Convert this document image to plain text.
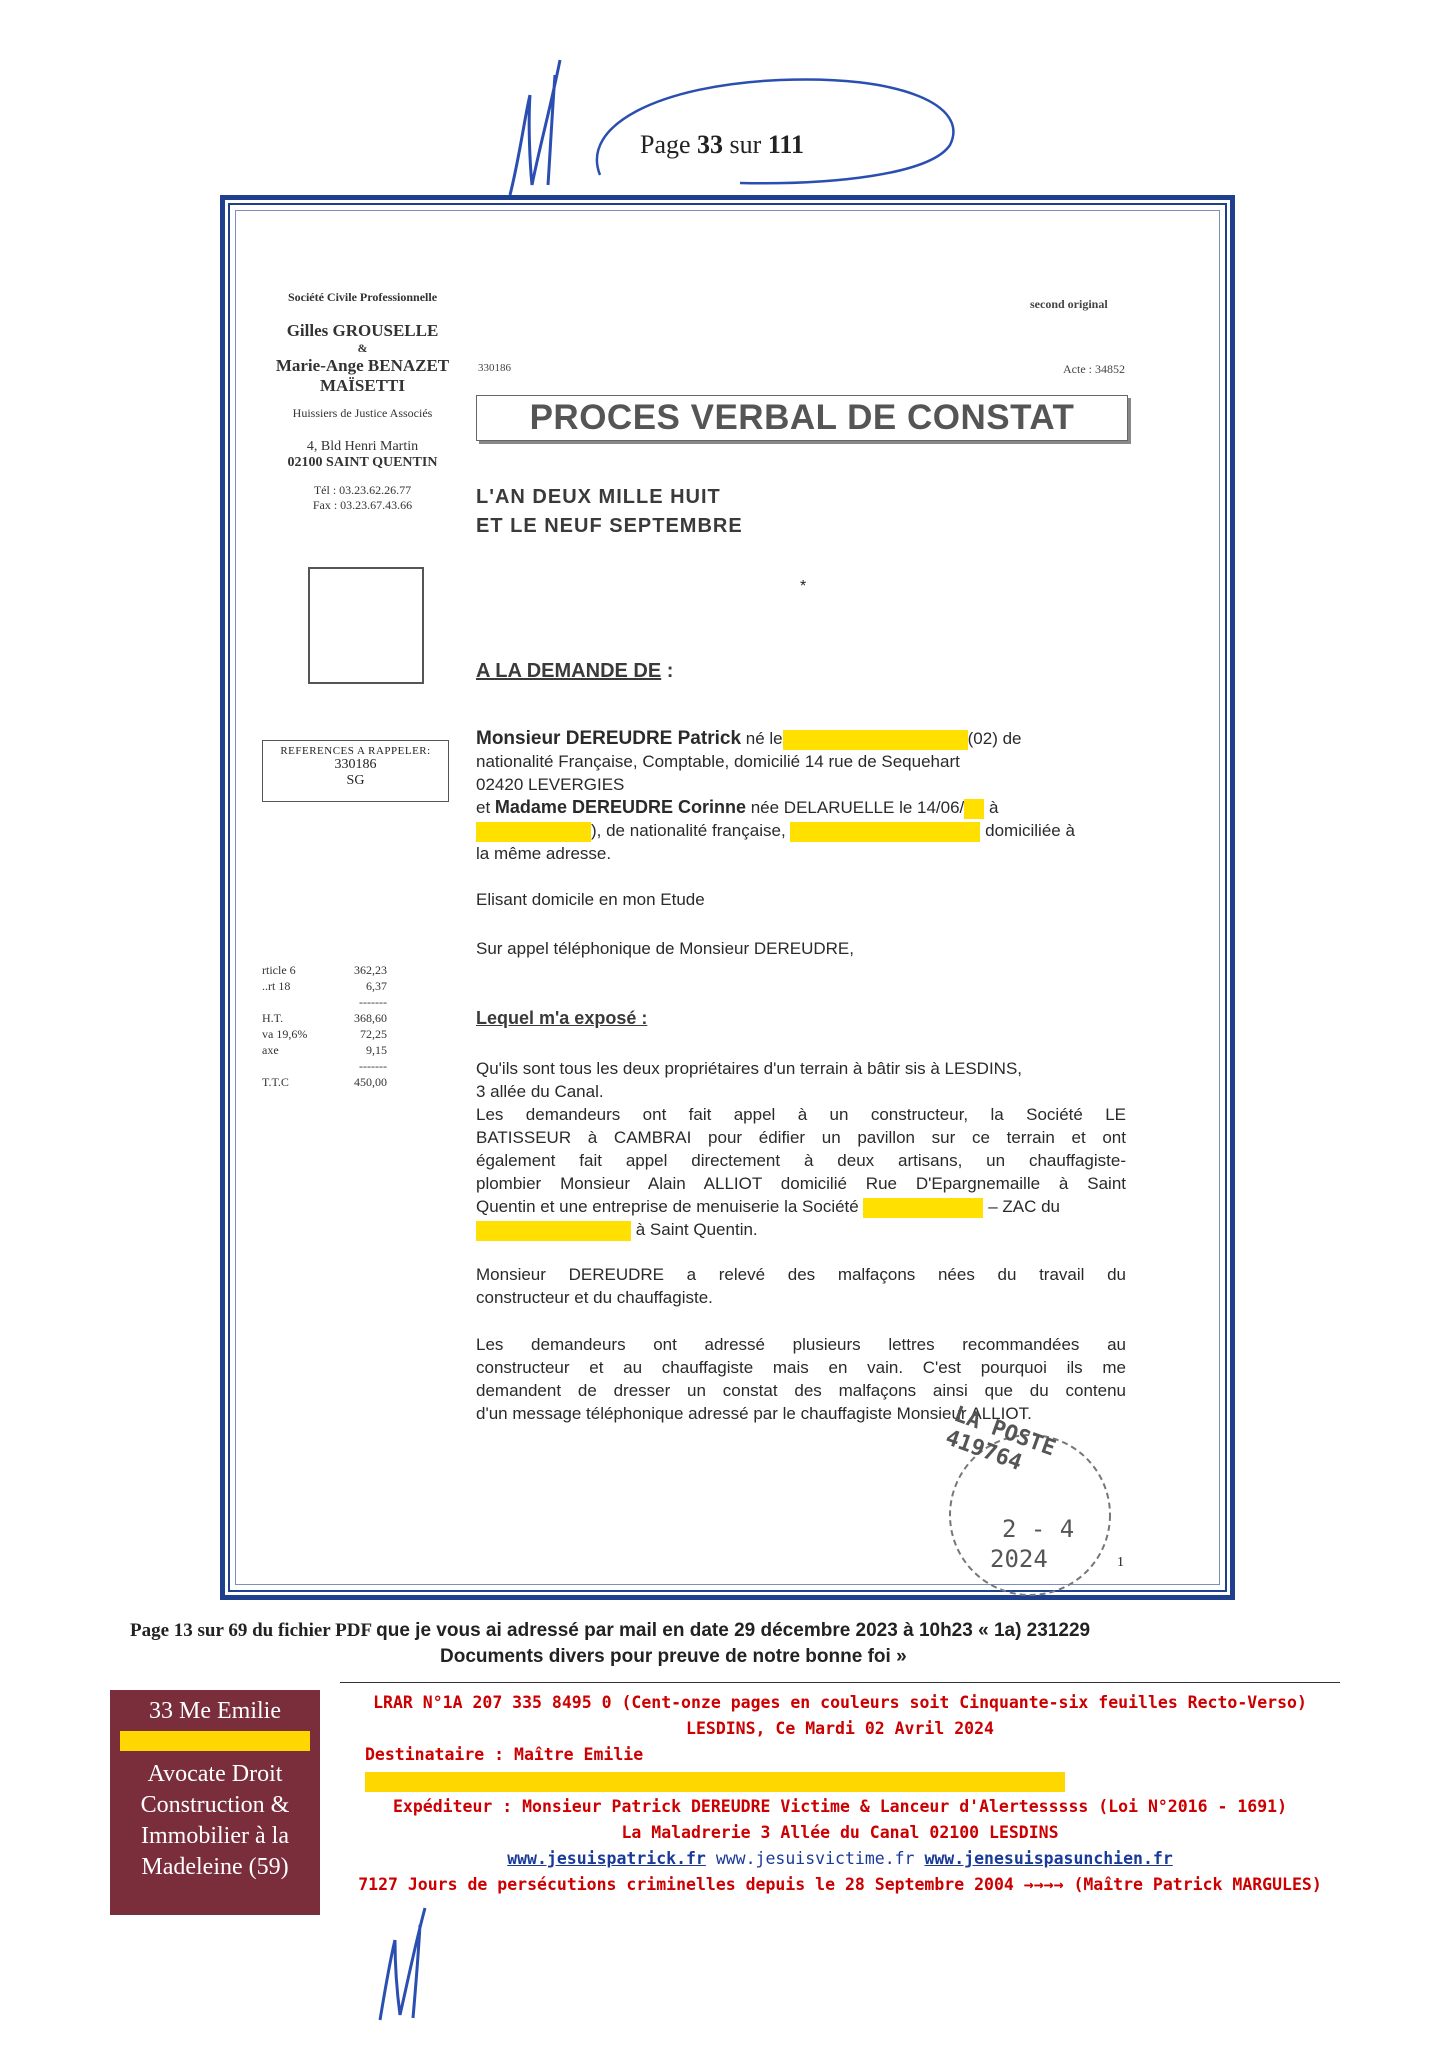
Page 33 sur 111
Société Civile Professionnelle
Gilles GROUSELLE
&
Marie-Ange BENAZET
MAÏSETTI
Huissiers de Justice Associés
4, Bld Henri Martin
02100 SAINT QUENTIN
Tél : 03.23.62.26.77
Fax : 03.23.67.43.66
REFERENCES A RAPPELER:
330186
SG
rticle 6	362,23
..rt 18	6,37
-------
H.T.	368,60
va 19,6%	72,25
axe	9,15
-------
T.T.C	450,00
second original
330186	Acte : 34852
PROCES VERBAL DE CONSTAT
L'AN DEUX MILLE HUIT
ET LE NEUF SEPTEMBRE
*
A LA DEMANDE DE :
Monsieur DEREUDRE Patrick né le	(02) de
nationalité Française, Comptable, domicilié 14 rue de Sequehart
02420 LEVERGIES
et Madame DEREUDRE Corinne née DELARUELLE le 14/06/ à
), de nationalité française,	domiciliée à
la même adresse.
Elisant domicile en mon Etude
Sur appel téléphonique de Monsieur DEREUDRE,
Lequel m'a exposé :
Qu'ils sont tous les deux propriétaires d'un terrain à bâtir sis à LESDINS,
3 allée du Canal.
Les demandeurs ont fait appel à un constructeur, la Société LE
BATISSEUR à CAMBRAI pour édifier un pavillon sur ce terrain et ont
également fait appel directement à deux artisans, un chauffagiste-
plombier Monsieur Alain ALLIOT domicilié Rue D'Epargnemaille à Saint
Quentin et une entreprise de menuiserie la Société	– ZAC du
à Saint Quentin.
Monsieur DEREUDRE a relevé des malfaçons nées du travail du
constructeur et du chauffagiste.
Les demandeurs ont adressé plusieurs lettres recommandées au
constructeur et au chauffagiste mais en vain. C'est pourquoi ils me
demandent de dresser un constat des malfaçons ainsi que du contenu
d'un message téléphonique adressé par le chauffagiste Monsieur ALLIOT.
LA POSTE 419764
2 - 4
2024	1
Page 13 sur 69 du fichier PDF que je vous ai adressé par mail en date 29 décembre 2023 à 10h23 « 1a) 231229
Documents divers pour preuve de notre bonne foi »
33 Me Emilie
Avocate Droit
Construction &
Immobilier à la
Madeleine (59)
LRAR N°1A 207 335 8495 0 (Cent-onze pages en couleurs soit Cinquante-six feuilles Recto-Verso)
LESDINS, Ce Mardi 02 Avril 2024
Destinataire : Maître Emilie
Expéditeur : Monsieur Patrick DEREUDRE Victime & Lanceur d'Alertesssss (Loi N°2016 - 1691)
La Maladrerie 3 Allée du Canal 02100 LESDINS
www.jesuispatrick.fr www.jesuisvictime.fr www.jenesuispasunchien.fr
7127 Jours de persécutions criminelles depuis le 28 Septembre 2004 →→→→ (Maître Patrick MARGULES)
